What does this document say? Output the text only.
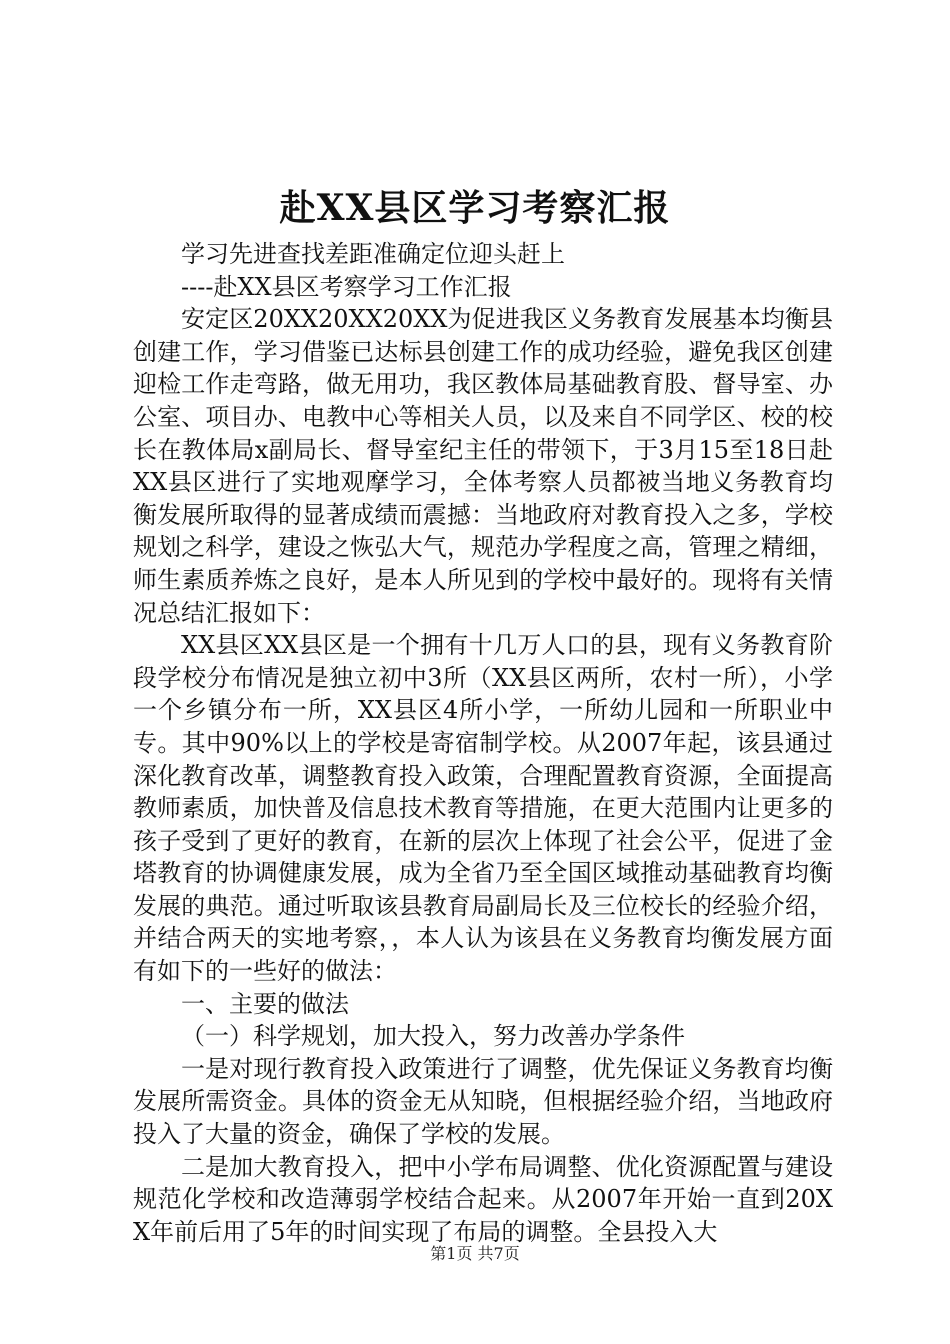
赴XX县区学习考察汇报

学习先进查找差距准确定位迎头赶上

----赴XX县区考察学习工作汇报

安定区20XX20XX20XX为促进我区义务教育发展基本均衡县创建工作，学习借鉴已达标县创建工作的成功经验，避免我区创建迎检工作走弯路，做无用功，我区教体局基础教育股、督导室、办公室、项目办、电教中心等相关人员，以及来自不同学区、校的校长在教体局x副局长、督导室纪主任的带领下，于3月15至18日赴XX县区进行了实地观摩学习，全体考察人员都被当地义务教育均衡发展所取得的显著成绩而震撼：当地政府对教育投入之多，学校规划之科学，建设之恢弘大气，规范办学程度之高，管理之精细，师生素质养炼之良好，是本人所见到的学校中最好的。现将有关情况总结汇报如下：

XX县区XX县区是一个拥有十几万人口的县，现有义务教育阶段学校分布情况是独立初中3所（XX县区两所，农村一所），小学一个乡镇分布一所，XX县区4所小学，一所幼儿园和一所职业中专。其中90%以上的学校是寄宿制学校。从2007年起，该县通过深化教育改革，调整教育投入政策，合理配置教育资源，全面提高教师素质，加快普及信息技术教育等措施，在更大范围内让更多的孩子受到了更好的教育，在新的层次上体现了社会公平，促进了金塔教育的协调健康发展，成为全省乃至全国区域推动基础教育均衡发展的典范。通过听取该县教育局副局长及三位校长的经验介绍，并结合两天的实地考察，，本人认为该县在义务教育均衡发展方面有如下的一些好的做法：

一、主要的做法

（一）科学规划，加大投入，努力改善办学条件

一是对现行教育投入政策进行了调整，优先保证义务教育均衡发展所需资金。具体的资金无从知晓，但根据经验介绍，当地政府投入了大量的资金，确保了学校的发展。

二是加大教育投入，把中小学布局调整、优化资源配置与建设规范化学校和改造薄弱学校结合起来。从2007年开始一直到20XX年前后用了5年的时间实现了布局的调整。全县投入大

第1页 共7页
